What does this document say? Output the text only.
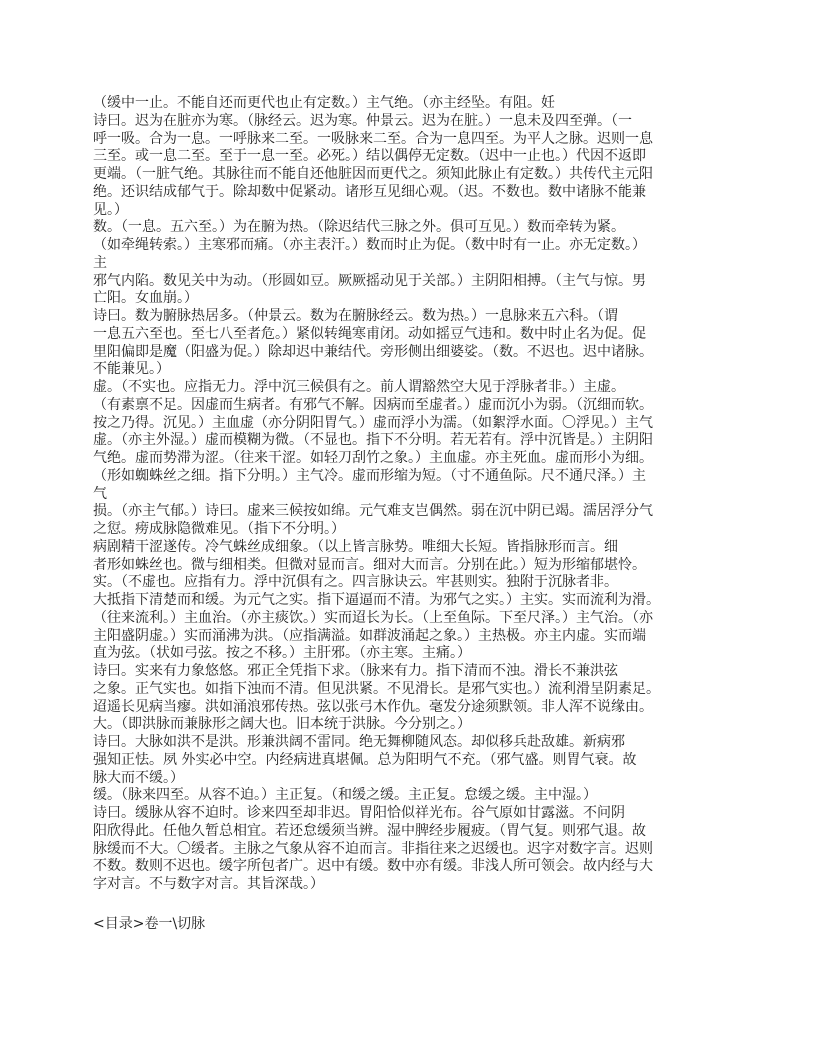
（缓中一止。不能自还而更代也止有定数。）主气绝。（亦主经坠。有阻。妊
诗曰。迟为在脏亦为寒。（脉经云。迟为寒。仲景云。迟为在脏。）一息未及四至弹。（一
呼一吸。合为一息。一呼脉来二至。一吸脉来二至。合为一息四至。为平人之脉。迟则一息
三至。或一息二至。至于一息一至。必死。）结以偶停无定数。（迟中一止也。）代因不返即
更端。（一脏气绝。其脉往而不能自还他脏因而更代之。须知此脉止有定数。）共传代主元阳
绝。还识结成郁气于。除却数中促紧动。诸形互见细心观。（迟。不数也。数中诸脉不能兼
见。）
数。（一息。五六至。）为在腑为热。（除迟结代三脉之外。俱可互见。）数而牵转为紧。
（如牵绳转索。）主寒邪而痛。（亦主表汗。）数而时止为促。（数中时有一止。亦无定数。）
主
邪气内陷。数见关中为动。（形圆如豆。厥厥摇动见于关部。）主阴阳相搏。（主气与惊。男
亡阳。女血崩。）
诗曰。数为腑脉热居多。（仲景云。数为在腑脉经云。数为热。）一息脉来五六科。（谓
一息五六至也。至七八至者危。）紧似转绳寒甫闭。动如摇豆气违和。数中时止名为促。促
里阳偏即是魔（阳盛为促。）除却迟中兼结代。旁形侧出细婆娑。（数。不迟也。迟中诸脉。
不能兼见。）
虚。（不实也。应指无力。浮中沉三候俱有之。前人谓豁然空大见于浮脉者非。）主虚。
（有素禀不足。因虚而生病者。有邪气不解。因病而至虚者。）虚而沉小为弱。（沉细而软。
按之乃得。沉见。）主血虚（亦分阴阳胃气。）虚而浮小为濡。（如絮浮水面。〇浮见。）主气
虚。（亦主外湿。）虚而模糊为微。（不显也。指下不分明。若无若有。浮中沉皆是。）主阴阳
气绝。虚而势滞为涩。（往来干涩。如轻刀刮竹之象。）主血虚。亦主死血。虚而形小为细。
（形如蜘蛛丝之细。指下分明。）主气冷。虚而形缩为短。（寸不通鱼际。尺不通尺泽。）主
气
损。（亦主气郁。）诗曰。虚来三候按如绵。元气难支岂偶然。弱在沉中阴已竭。濡居浮分气
之愆。痨成脉隐微难见。（指下不分明。）
病剧精干涩遂传。冷气蛛丝成细象。（以上皆言脉势。唯细大长短。皆指脉形而言。细
者形如蛛丝也。微与细相类。但微对显而言。细对大而言。分别在此。）短为形缩郁堪怜。
实。（不虚也。应指有力。浮中沉俱有之。四言脉诀云。牢甚则实。独附于沉脉者非。
大抵指下清楚而和缓。为元气之实。指下逼逼而不清。为邪气之实。）主实。实而流利为滑。
（往来流利。）主血治。（亦主痰饮。）实而迢长为长。（上至鱼际。下至尺泽。）主气治。（亦
主阳盛阴虚。）实而涌沸为洪。（应指满溢。如群波涌起之象。）主热极。亦主内虚。实而端
直为弦。（状如弓弦。按之不移。）主肝邪。（亦主寒。主痛。）
诗曰。实来有力象悠悠。邪正全凭指下求。（脉来有力。指下清而不浊。滑长不兼洪弦
之象。正气实也。如指下浊而不清。但见洪紧。不见滑长。是邪气实也。）流利滑呈阴素足。
迢遥长见病当瘳。洪如涌浪邪传热。弦以张弓木作仇。毫发分途须默领。非人浑不说缘由。
大。（即洪脉而兼脉形之阔大也。旧本统于洪脉。今分别之。）
诗曰。大脉如洪不是洪。形兼洪阔不雷同。绝无舞柳随风态。却似移兵赴敌雄。新病邪
强知正怯。夙 外实必中空。内经病进真堪佩。总为阳明气不充。（邪气盛。则胃气衰。故
脉大而不缓。）
缓。（脉来四至。从容不迫。）主正复。（和缓之缓。主正复。怠缓之缓。主中湿。）
诗曰。缓脉从容不迫时。诊来四至却非迟。胃阳恰似祥光布。谷气原如甘露滋。不问阴
阳欣得此。任他久暂总相宜。若还怠缓须当辨。湿中脾经步履疲。（胃气复。则邪气退。故
脉缓而不大。〇缓者。主脉之气象从容不迫而言。非指往来之迟缓也。迟字对数字言。迟则
不数。数则不迟也。缓字所包者广。迟中有缓。数中亦有缓。非浅人所可领会。故内经与大
字对言。不与数字对言。其旨深哉。）
<目录>卷一\切脉
